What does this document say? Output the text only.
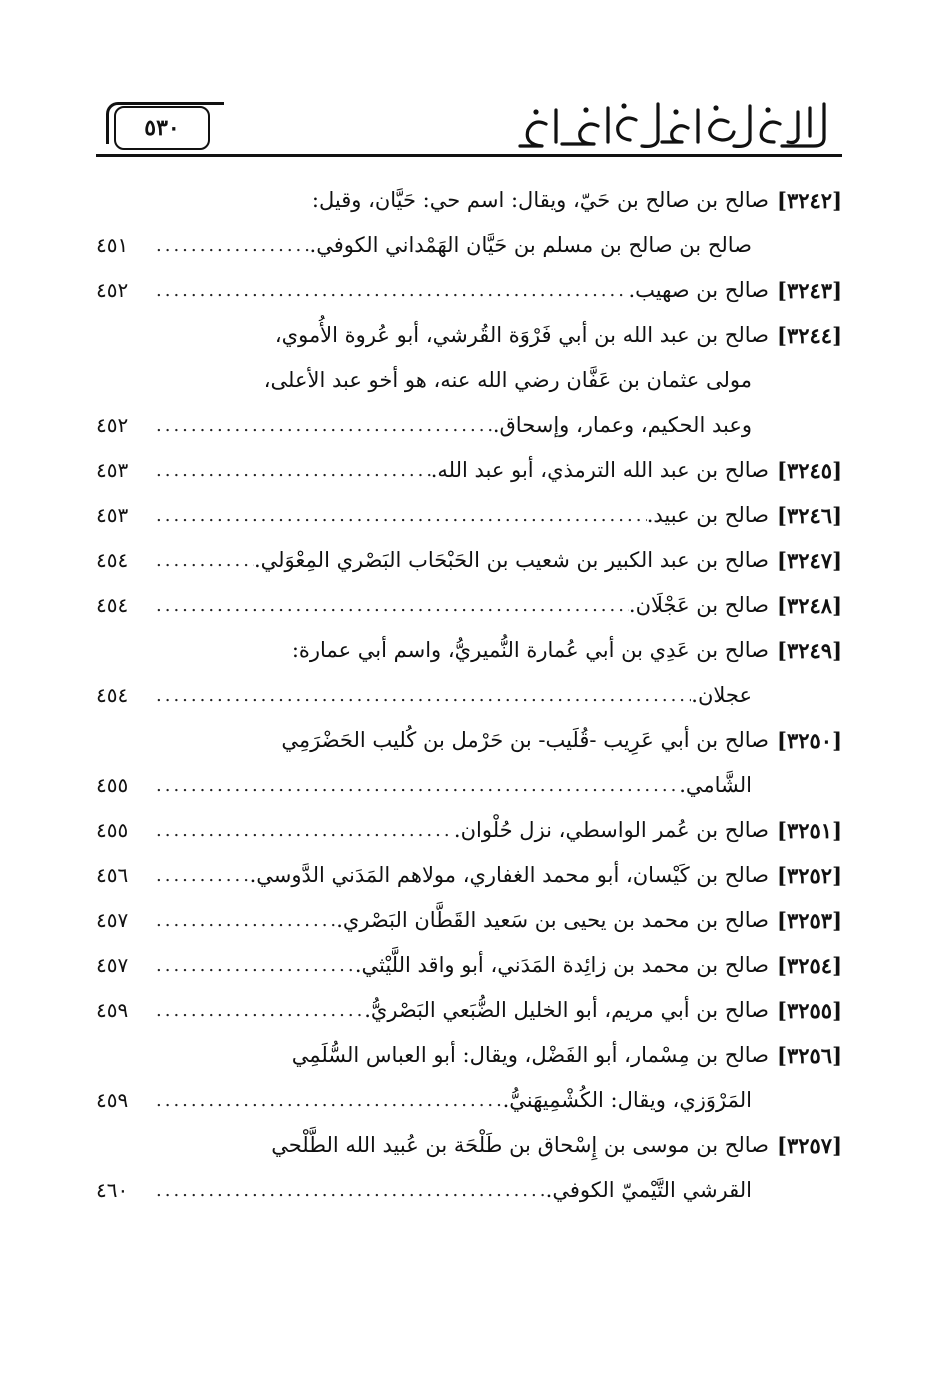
٥٣٠
[٣٢٤٢]
صالح بن صالح بن حَيّ، ويقال: اسم حي: حَيَّان، وقيل:
صالح بن صالح بن مسلم بن حَيَّان الهَمْداني الكوفي.
.....
٤٥١
[٣٢٤٣]
صالح بن صهيب.
.....
٤٥٢
[٣٢٤٤]
صالح بن عبد الله بن أبي فَرْوَة القُرشي، أبو عُروة الأُموي،
مولى عثمان بن عَفَّان رضي الله عنه، هو أخو عبد الأعلى،
وعبد الحكيم، وعمار، وإسحاق.
.....
٤٥٢
[٣٢٤٥]
صالح بن عبد الله الترمذي، أبو عبد الله.
.....
٤٥٣
[٣٢٤٦]
صالح بن عبيد.
.....
٤٥٣
[٣٢٤٧]
صالح بن عبد الكبير بن شعيب بن الحَبْحَاب البَصْري المِعْوَلي.
.....
٤٥٤
[٣٢٤٨]
صالح بن عَجْلَان.
.....
٤٥٤
[٣٢٤٩]
صالح بن عَدِي بن أبي عُمارة النُّميريُّ، واسم أبي عمارة:
عجلان.
.....
٤٥٤
[٣٢٥٠]
صالح بن أبي عَرِيب -قُلَيب- بن حَرْمل بن كُليب الحَضْرَمِي
الشَّامي.
.....
٤٥٥
[٣٢٥١]
صالح بن عُمر الواسطي، نزل حُلْوان.
.....
٤٥٥
[٣٢٥٢]
صالح بن كَيْسان، أبو محمد الغفاري، مولاهم المَدَني الدَّوسي.
.....
٤٥٦
[٣٢٥٣]
صالح بن محمد بن يحيى بن سَعيد القَطَّان البَصْري.
.....
٤٥٧
[٣٢٥٤]
صالح بن محمد بن زائِدة المَدَني، أبو واقد اللَّيْثي.
.....
٤٥٧
[٣٢٥٥]
صالح بن أبي مريم، أبو الخليل الضُّبَعي البَصْريُّ.
.....
٤٥٩
[٣٢٥٦]
صالح بن مِسْمار، أبو الفَضْل، ويقال: أبو العباس السُّلَمِي
المَرْوَزي، ويقال: الكُشْمِيهَنيُّ.
.....
٤٥٩
[٣٢٥٧]
صالح بن موسى بن إِسْحاق بن طَلْحَة بن عُبيد الله الطَّلْحي
القرشي التَّيْميّ الكوفي.
.....
٤٦٠
